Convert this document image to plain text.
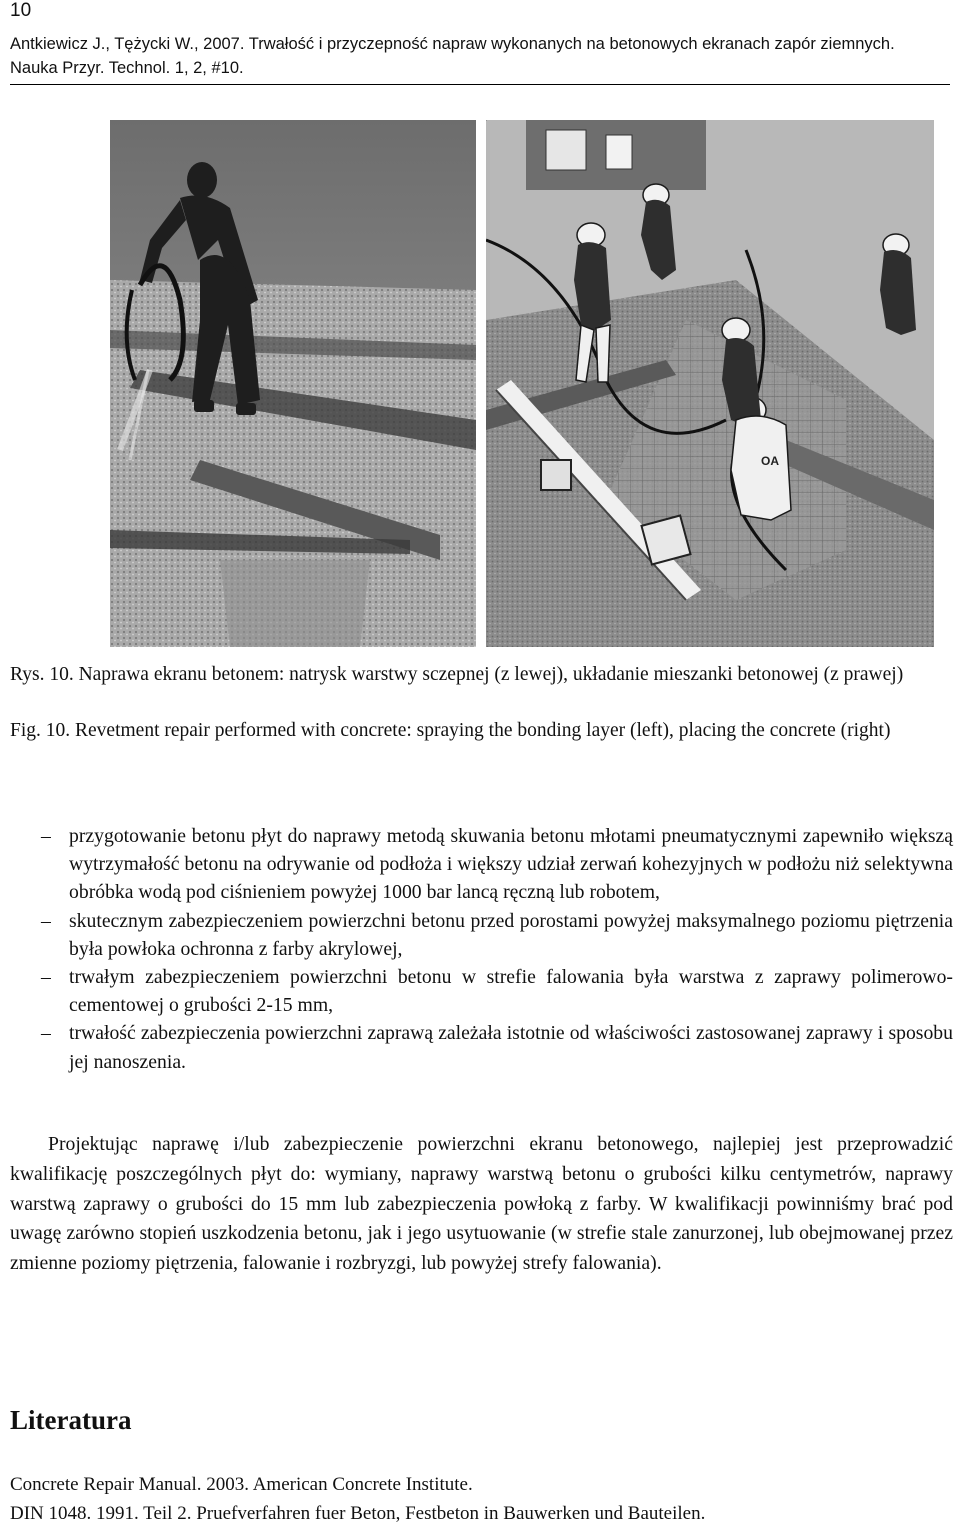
10
Antkiewicz J., Tężycki W., 2007. Trwałość i przyczepność napraw wykonanych na betonowych ekranach zapór ziemnych. Nauka Przyr. Technol. 1, 2, #10.
OA
Rys. 10. Naprawa ekranu betonem: natrysk warstwy sczepnej (z lewej), układanie mieszanki betonowej (z prawej)
Fig. 10. Revetment repair performed with concrete: spraying the bonding layer (left), placing the concrete (right)
– przygotowanie betonu płyt do naprawy metodą skuwania betonu młotami pneumatycznymi zapewniło większą wytrzymałość betonu na odrywanie od podłoża i większy udział zerwań kohezyjnych w podłożu niż selektywna obróbka wodą pod ciśnieniem powyżej 1000 bar lancą ręczną lub robotem,
– skutecznym zabezpieczeniem powierzchni betonu przed porostami powyżej maksymalnego poziomu piętrzenia była powłoka ochronna z farby akrylowej,
– trwałym zabezpieczeniem powierzchni betonu w strefie falowania była warstwa z zaprawy polimerowo-cementowej o grubości 2-15 mm,
– trwałość zabezpieczenia powierzchni zaprawą zależała istotnie od właściwości zastosowanej zaprawy i sposobu jej nanoszenia.

Projektując naprawę i/lub zabezpieczenie powierzchni ekranu betonowego, najlepiej jest przeprowadzić kwalifikację poszczególnych płyt do: wymiany, naprawy warstwą betonu o grubości kilku centymetrów, naprawy warstwą zaprawy o grubości do 15 mm lub zabezpieczenia powłoką z farby. W kwalifikacji powinniśmy brać pod uwagę zarówno stopień uszkodzenia betonu, jak i jego usytuowanie (w strefie stale zanurzonej, lub obejmowanej przez zmienne poziomy piętrzenia, falowanie i rozbryzgi, lub powyżej strefy falowania).

Literatura
Concrete Repair Manual. 2003. American Concrete Institute.
DIN 1048. 1991. Teil 2. Pruefverfahren fuer Beton, Festbeton in Bauwerken und Bauteilen.
